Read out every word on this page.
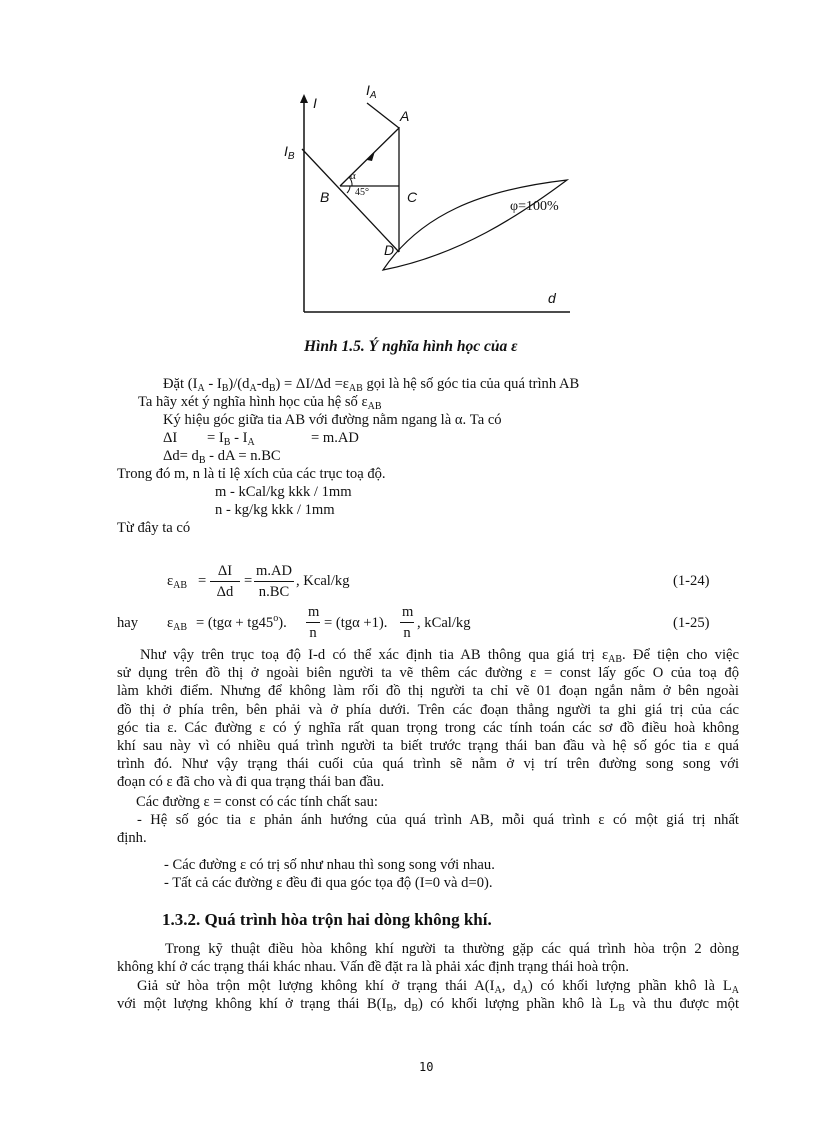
I
$I_A$
$I_B$
A
B	C
D
α
45°
φ=100%
d
Hình 1.5. Ý nghĩa hình học của ε
Đặt $(I_A - I_B)/(d_A-d_B) = \Delta I/\Delta d =\varepsilon_{AB}$ gọi là hệ số góc tia của quá trình AB
Ta hãy xét ý nghĩa hình học của hệ số $\varepsilon_{AB}$
Ký hiệu góc giữa tia AB với đường nằm ngang là α. Ta có
$\Delta I = I_B - I_A$	= m.AD
$\Delta d= d_B$ - dA = n.BC
Trong đó m, n là tỉ lệ xích của các trục toạ độ.
m - kCal/kg kkk / 1mm
n - kg/kg kkk / 1mm
Từ đây ta có
$\varepsilon_{AB} = \frac{\Delta I}{\Delta d} = \frac{m.AD}{n.BC}$ , Kcal/kg	(1-24)
hay $\varepsilon_{AB} = (tg\alpha + tg45^o)$. $\frac{m}{n} = (tg\alpha +1)$. $\frac{m}{n}$ , kCal/kg	(1-25)
Như vậy trên trục toạ độ I-d có thể xác định tia AB thông qua giá trị $\varepsilon_{AB}$. Để tiện cho việc
sử dụng trên đồ thị ở ngoài biên người ta vẽ thêm các đường ε = const lấy gốc O của toạ độ
làm khởi điểm. Nhưng để không làm rối đồ thị người ta chỉ vẽ 01 đoạn ngắn nằm ở bên ngoài
đồ thị ở phía trên, bên phải và ở phía dưới. Trên các đoạn thẳng người ta ghi giá trị của các
góc tia ε. Các đường ε có ý nghĩa rất quan trọng trong các tính toán các sơ đồ điều hoà không
khí sau này vì có nhiều quá trình người ta biết trước trạng thái ban đầu và hệ số góc tia ε quá
trình đó. Như vậy trạng thái cuối của quá trình sẽ nằm ở vị trí trên đường song song với
đoạn có ε đã cho và đi qua trạng thái ban đầu.
Các đường ε = const có các tính chất sau:
- Hệ số góc tia ε phản ánh hướng của quá trình AB, mỗi quá trình ε có một giá trị nhất
định.
- Các đường ε có trị số như nhau thì song song với nhau.
- Tất cả các đường ε đều đi qua góc tọa độ (I=0 và d=0).
1.3.2. Quá trình hòa trộn hai dòng không khí.
Trong kỹ thuật điều hòa không khí người ta thường gặp các quá trình hòa trộn 2 dòng
không khí ở các trạng thái khác nhau. Vấn đề đặt ra là phải xác định trạng thái hoà trộn.
Giả sử hòa trộn một lượng không khí ở trạng thái $A(I_A$, $d_A$) có khối lượng phần khô là $L_A$
với một lượng không khí ở trạng thái $B(I_B$, $d_B$) có khối lượng phần khô là $L_B$ và thu được một
10
